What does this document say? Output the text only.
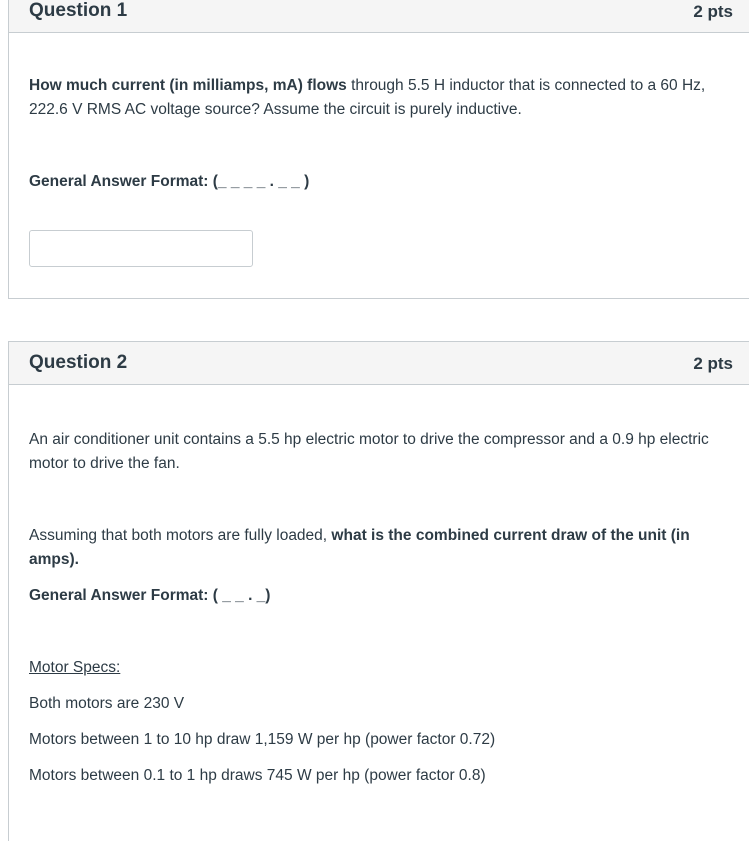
Question 1	2 pts

How much current (in milliamps, mA) flows through 5.5 H inductor that is connected to a 60 Hz, 222.6 V RMS AC voltage source? Assume the circuit is purely inductive.

General Answer Format: (_ _ _ _ . _ _ )

Question 2	2 pts

An air conditioner unit contains a 5.5 hp electric motor to drive the compressor and a 0.9 hp electric motor to drive the fan.

Assuming that both motors are fully loaded, what is the combined current draw of the unit (in amps).

General Answer Format: ( _ _ . _)

Motor Specs:

Both motors are 230 V

Motors between 1 to 10 hp draw 1,159 W per hp (power factor 0.72)

Motors between 0.1 to 1 hp draws 745 W per hp (power factor 0.8)
